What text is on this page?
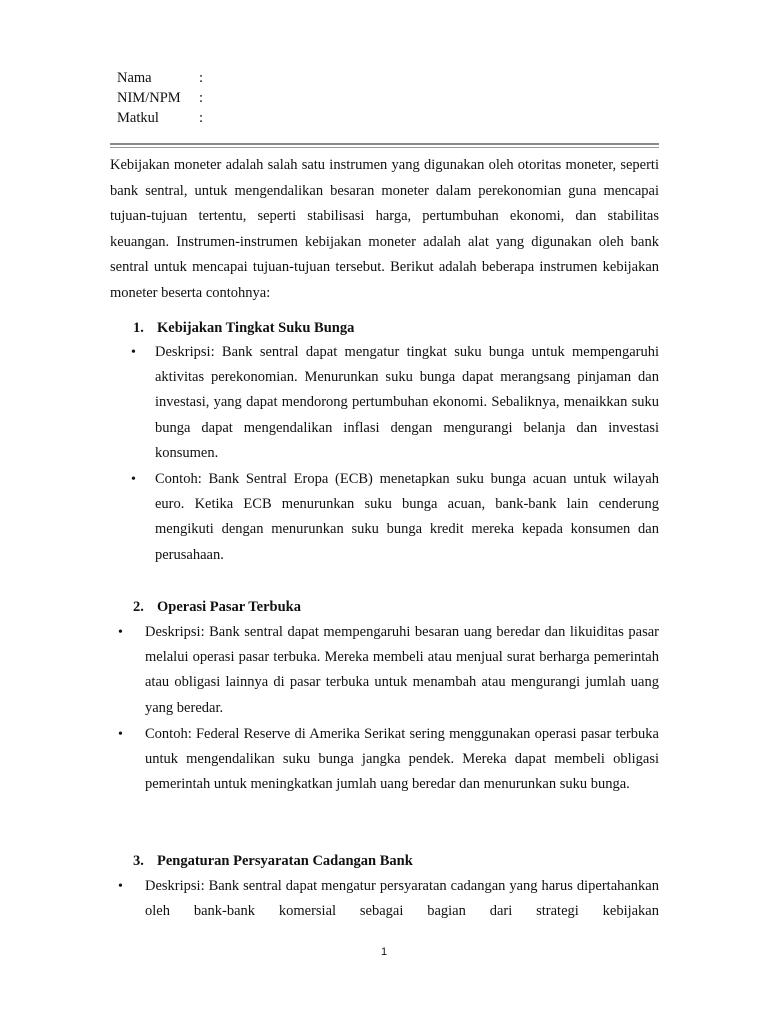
Nama	:
NIM/NPM :
Matkul	:

Kebijakan moneter adalah salah satu instrumen yang digunakan oleh otoritas moneter, seperti bank sentral, untuk mengendalikan besaran moneter dalam perekonomian guna mencapai tujuan-tujuan tertentu, seperti stabilisasi harga, pertumbuhan ekonomi, dan stabilitas keuangan. Instrumen-instrumen kebijakan moneter adalah alat yang digunakan oleh bank sentral untuk mencapai tujuan-tujuan tersebut. Berikut adalah beberapa instrumen kebijakan moneter beserta contohnya:

1. Kebijakan Tingkat Suku Bunga
• Deskripsi: Bank sentral dapat mengatur tingkat suku bunga untuk mempengaruhi aktivitas perekonomian. Menurunkan suku bunga dapat merangsang pinjaman dan investasi, yang dapat mendorong pertumbuhan ekonomi. Sebaliknya, menaikkan suku bunga dapat mengendalikan inflasi dengan mengurangi belanja dan investasi konsumen.

• Contoh: Bank Sentral Eropa (ECB) menetapkan suku bunga acuan untuk wilayah euro. Ketika ECB menurunkan suku bunga acuan, bank-bank lain cenderung mengikuti dengan menurunkan suku bunga kredit mereka kepada konsumen dan perusahaan.

2. Operasi Pasar Terbuka
• Deskripsi: Bank sentral dapat mempengaruhi besaran uang beredar dan likuiditas pasar melalui operasi pasar terbuka. Mereka membeli atau menjual surat berharga pemerintah atau obligasi lainnya di pasar terbuka untuk menambah atau mengurangi jumlah uang yang beredar.

• Contoh: Federal Reserve di Amerika Serikat sering menggunakan operasi pasar terbuka untuk mengendalikan suku bunga jangka pendek. Mereka dapat membeli obligasi pemerintah untuk meningkatkan jumlah uang beredar dan menurunkan suku bunga.

3. Pengaturan Persyaratan Cadangan Bank
• Deskripsi: Bank sentral dapat mengatur persyaratan cadangan yang harus dipertahankan oleh bank-bank komersial sebagai bagian dari strategi kebijakan

1
